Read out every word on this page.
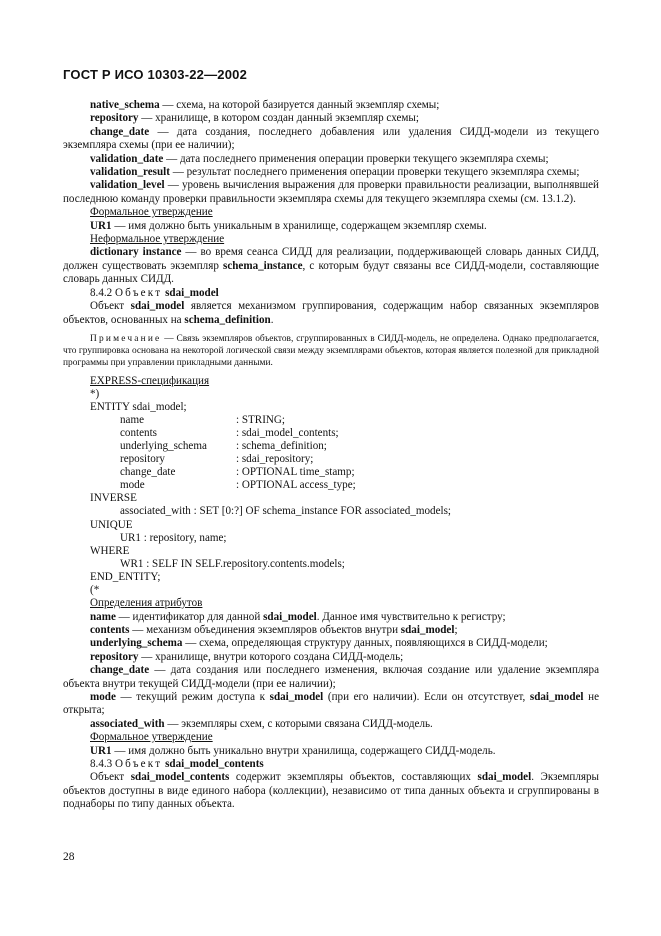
ГОСТ Р ИСО 10303-22—2002

native_schema — схема, на которой базируется данный экземпляр схемы;

repository — хранилище, в котором создан данный экземпляр схемы;

change_date — дата создания, последнего добавления или удаления СИДД-модели из текущего экземпляра схемы (при ее наличии);

validation_date — дата последнего применения операции проверки текущего экземпляра схемы;

validation_result — результат последнего применения операции проверки текущего экземпляра схемы;

validation_level — уровень вычисления выражения для проверки правильности реализации, выполнявшей последнюю команду проверки правильности экземпляра схемы для текущего экземпляра схемы (см. 13.1.2).

Формальное утверждение

UR1 — имя должно быть уникальным в хранилище, содержащем экземпляр схемы.

Неформальное утверждение

dictionary instance — во время сеанса СИДД для реализации, поддерживающей словарь данных СИДД, должен существовать экземпляр schema_instance, с которым будут связаны все СИДД-модели, составляющие словарь данных СИДД.

8.4.2 Объект sdai_model

Объект sdai_model является механизмом группирования, содержащим набор связанных экземпляров объектов, основанных на schema_definition.

Примечание — Связь экземпляров объектов, сгруппированных в СИДД-модель, не определена. Однако предполагается, что группировка основана на некоторой логической связи между экземплярами объектов, которая является полезной для прикладной программы при управлении прикладными данными.

EXPRESS-спецификация

*)

ENTITY sdai_model;

name	: STRING;
contents	: sdai_model_contents;
underlying_schema	: schema_definition;
repository	: sdai_repository;
change_date	: OPTIONAL time_stamp;
mode	: OPTIONAL access_type;

INVERSE

associated_with : SET [0:?] OF schema_instance FOR associated_models;

UNIQUE

UR1 : repository, name;

WHERE

WR1 : SELF IN SELF.repository.contents.models;

END_ENTITY;

(*

Определения атрибутов

name — идентификатор для данной sdai_model. Данное имя чувствительно к регистру;

contents — механизм объединения экземпляров объектов внутри sdai_model;

underlying_schema — схема, определяющая структуру данных, появляющихся в СИДД-модели;

repository — хранилище, внутри которого создана СИДД-модель;

change_date — дата создания или последнего изменения, включая создание или удаление экземпляра объекта внутри текущей СИДД-модели (при ее наличии);

mode — текущий режим доступа к sdai_model (при его наличии). Если он отсутствует, sdai_model не открыта;

associated_with — экземпляры схем, с которыми связана СИДД-модель.

Формальное утверждение

UR1 — имя должно быть уникально внутри хранилища, содержащего СИДД-модель.

8.4.3 Объект sdai_model_contents

Объект sdai_model_contents содержит экземпляры объектов, составляющих sdai_model. Экземпляры объектов доступны в виде единого набора (коллекции), независимо от типа данных объекта и сгруппированы в поднаборы по типу данных объекта.

28
